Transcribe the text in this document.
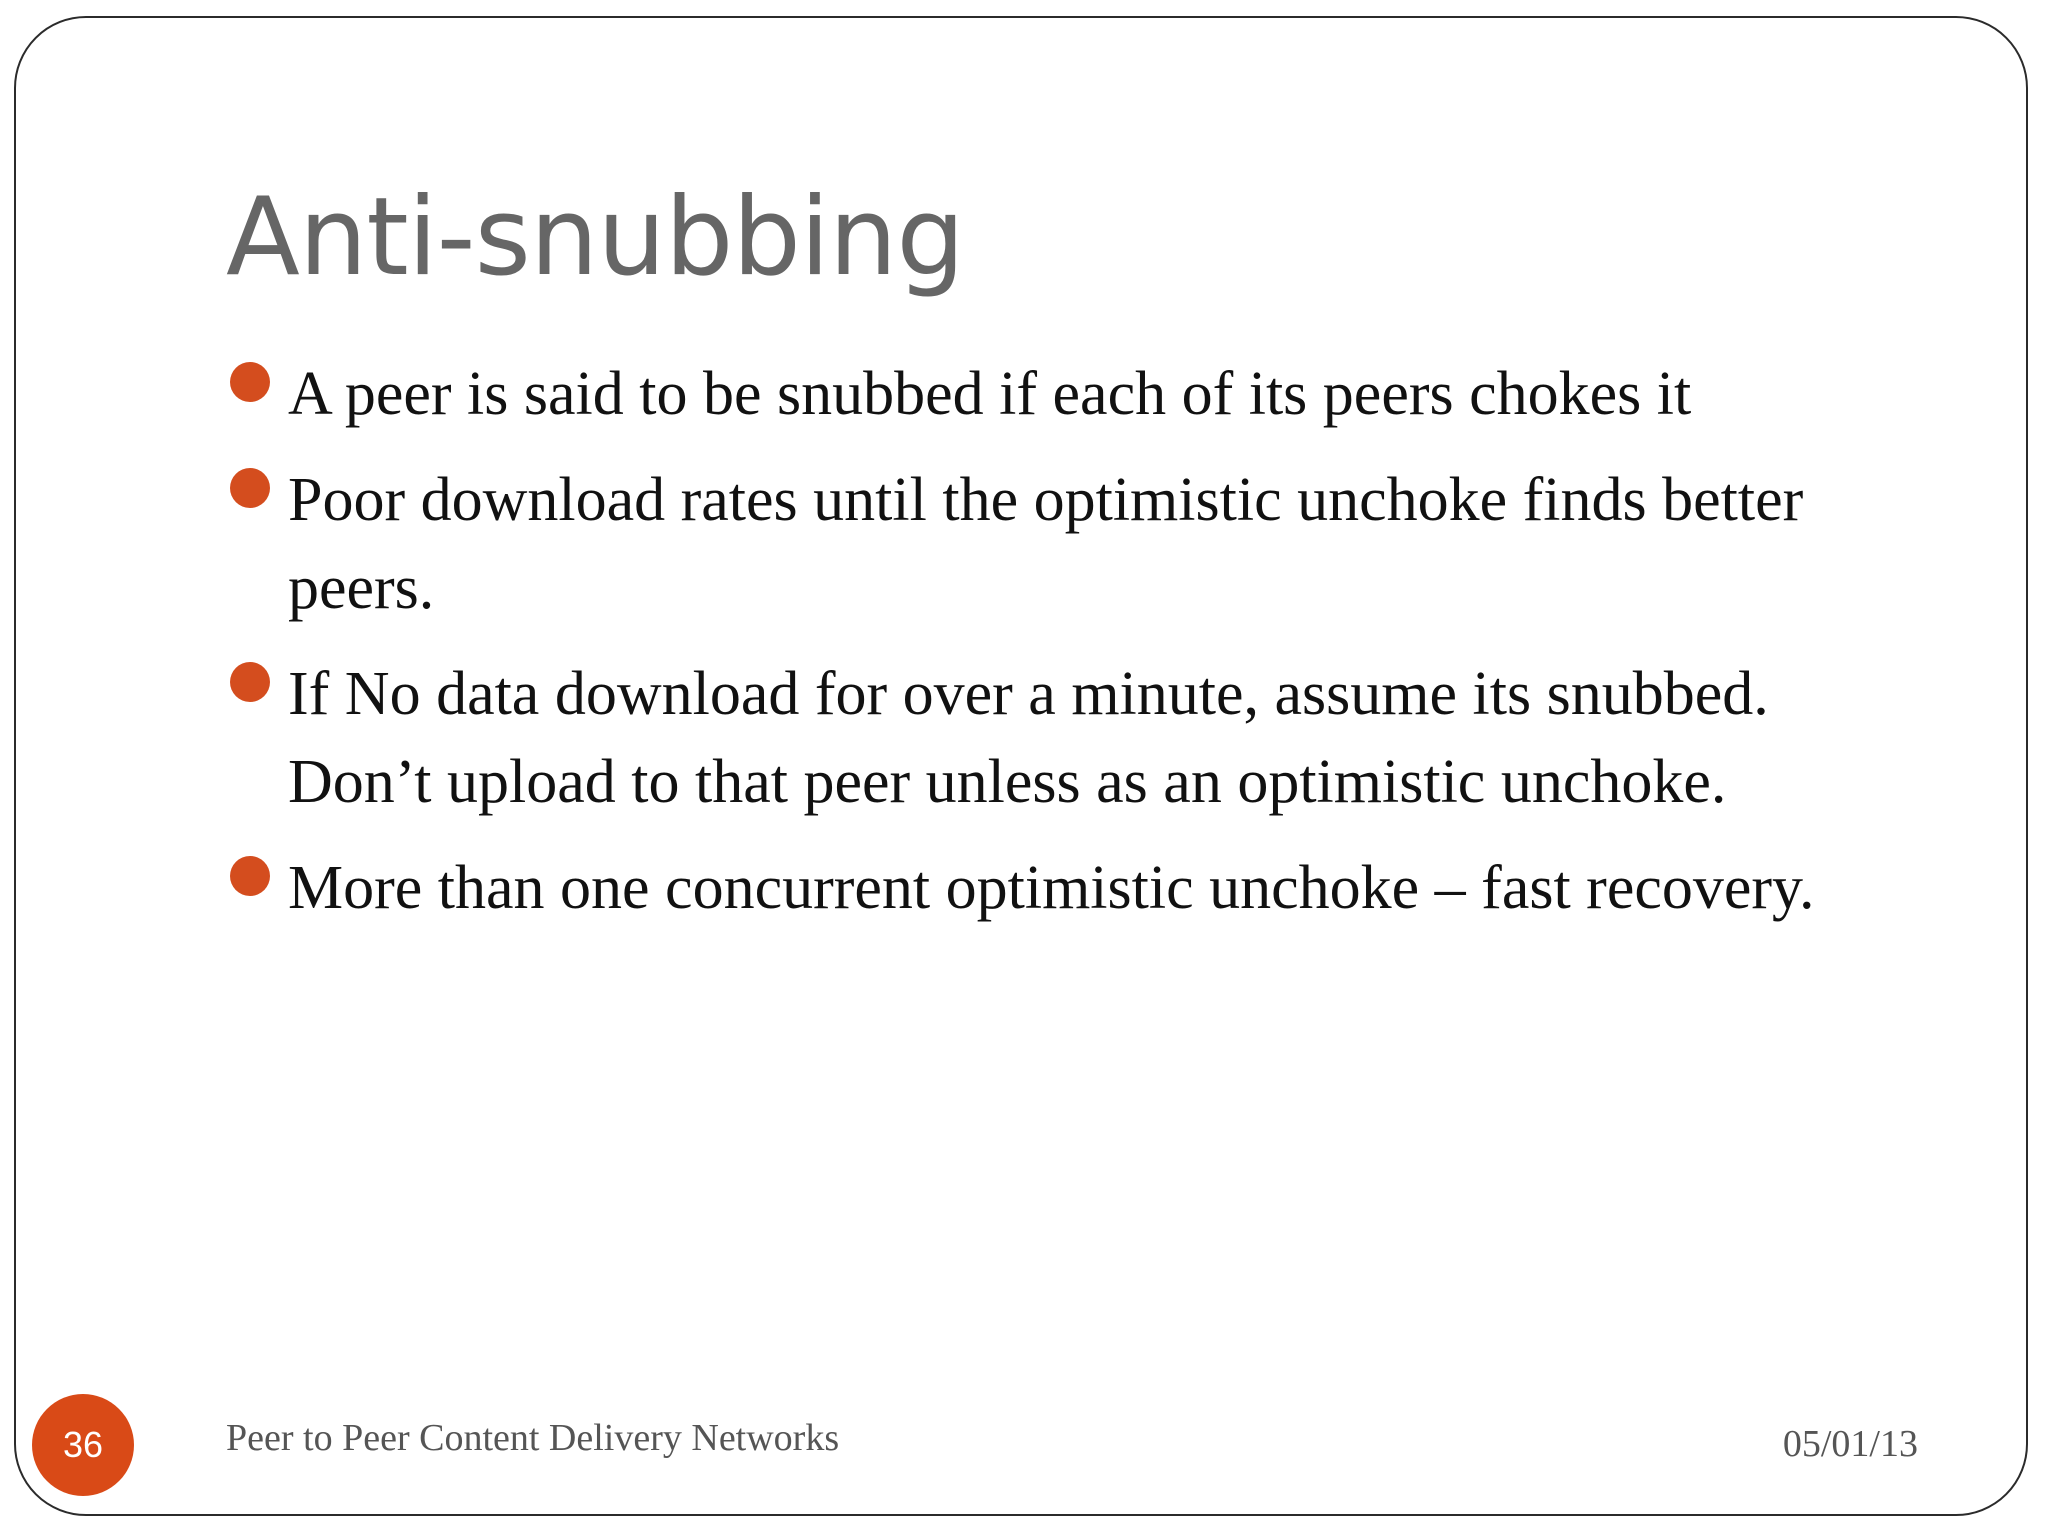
Anti-snubbing
A peer is said to be snubbed if each of its peers chokes it
Poor download rates until the optimistic unchoke finds better peers.
If No data download for over a minute, assume its snubbed. Don’t upload to that peer unless as an optimistic unchoke.
More than one concurrent optimistic unchoke – fast recovery.
36	Peer to Peer Content Delivery Networks	05/01/13
